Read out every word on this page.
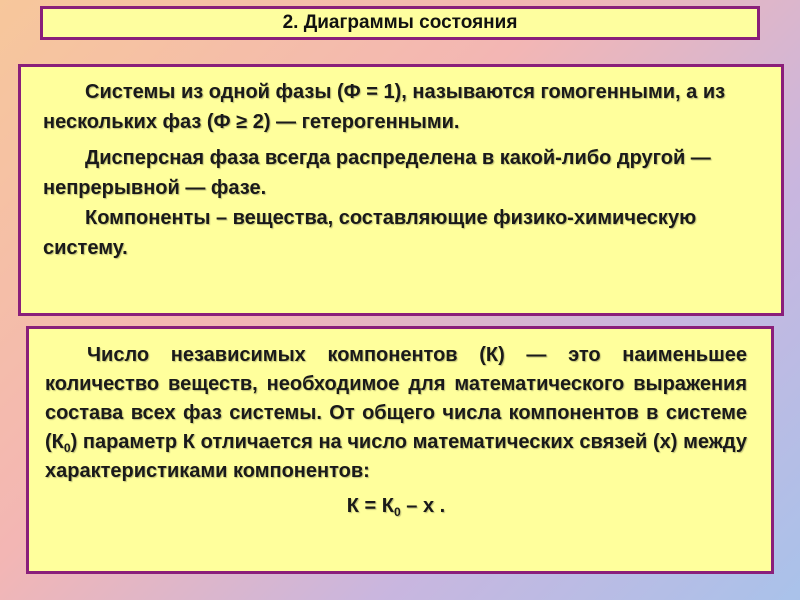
2. Диаграммы состояния

Системы из одной фазы (Ф = 1), называются гомогенными, а из нескольких фаз (Ф ≥ 2) — гетерогенными.

Дисперсная фаза всегда распределена в какой-либо другой — непрерывной — фазе.

Компоненты – вещества, составляющие физико-химическую систему.

Число независимых компонентов (К) — это наименьшее количество веществ, необходимое для математического выражения состава всех фаз системы. От общего числа компонентов в системе $(К_0)$ параметр К отличается на число математических связей (х) между характеристиками компонентов:

$К = К_0 - х$ .
